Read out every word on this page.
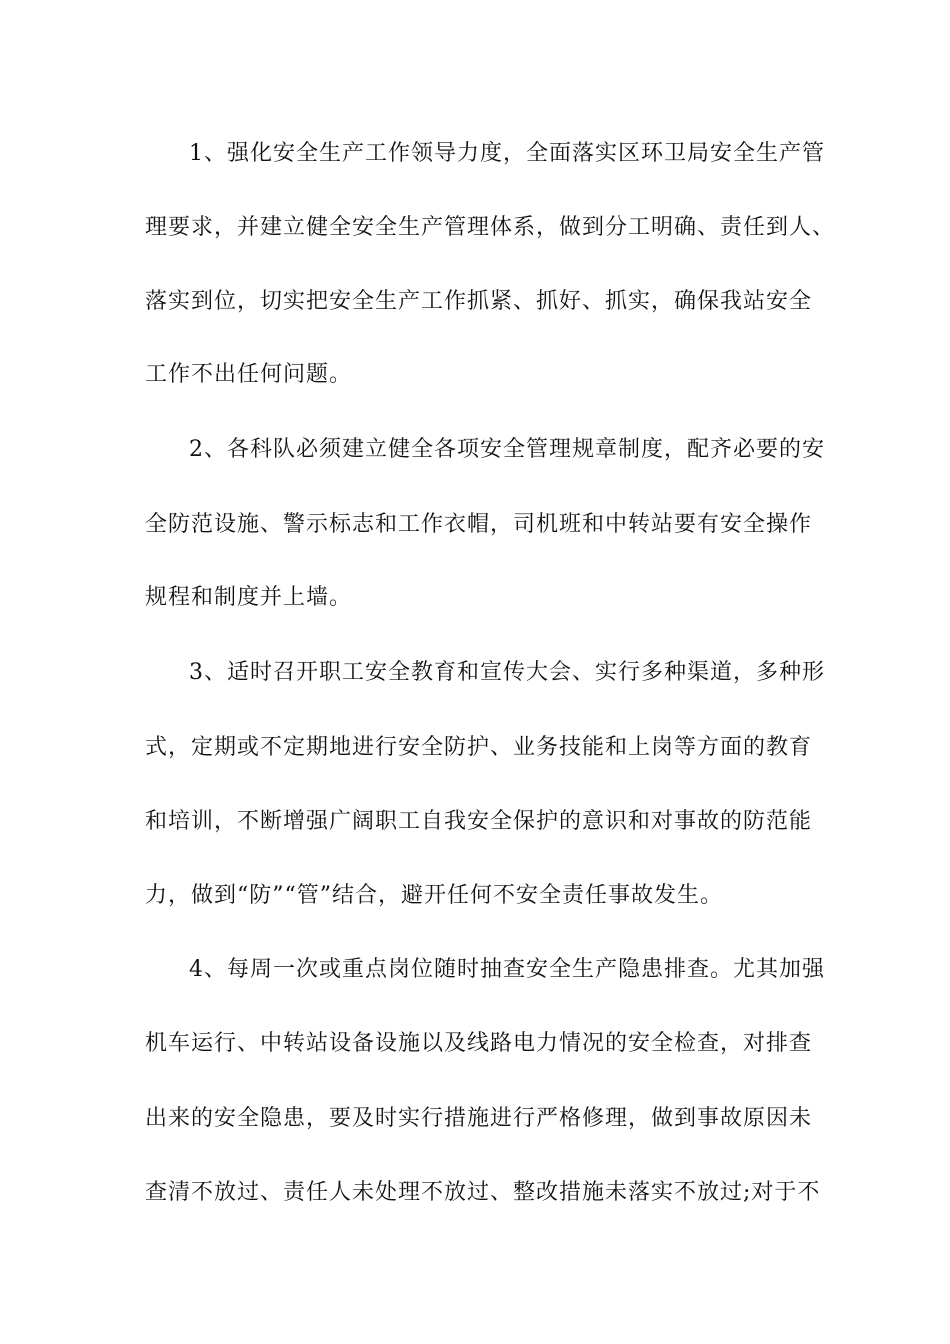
1、强化安全生产工作领导力度，全面落实区环卫局安全生产管
理要求，并建立健全安全生产管理体系，做到分工明确、责任到人、
落实到位，切实把安全生产工作抓紧、抓好、抓实，确保我站安全
工作不出任何问题。
2、各科队必须建立健全各项安全管理规章制度，配齐必要的安
全防范设施、警示标志和工作衣帽，司机班和中转站要有安全操作
规程和制度并上墙。
3、适时召开职工安全教育和宣传大会、实行多种渠道，多种形
式，定期或不定期地进行安全防护、业务技能和上岗等方面的教育
和培训，不断增强广阔职工自我安全保护的意识和对事故的防范能
力，做到“防”“管”结合，避开任何不安全责任事故发生。
4、每周一次或重点岗位随时抽查安全生产隐患排查。尤其加强
机车运行、中转站设备设施以及线路电力情况的安全检查，对排查
出来的安全隐患，要及时实行措施进行严格修理，做到事故原因未
查清不放过、责任人未处理不放过、整改措施未落实不放过;对于不
